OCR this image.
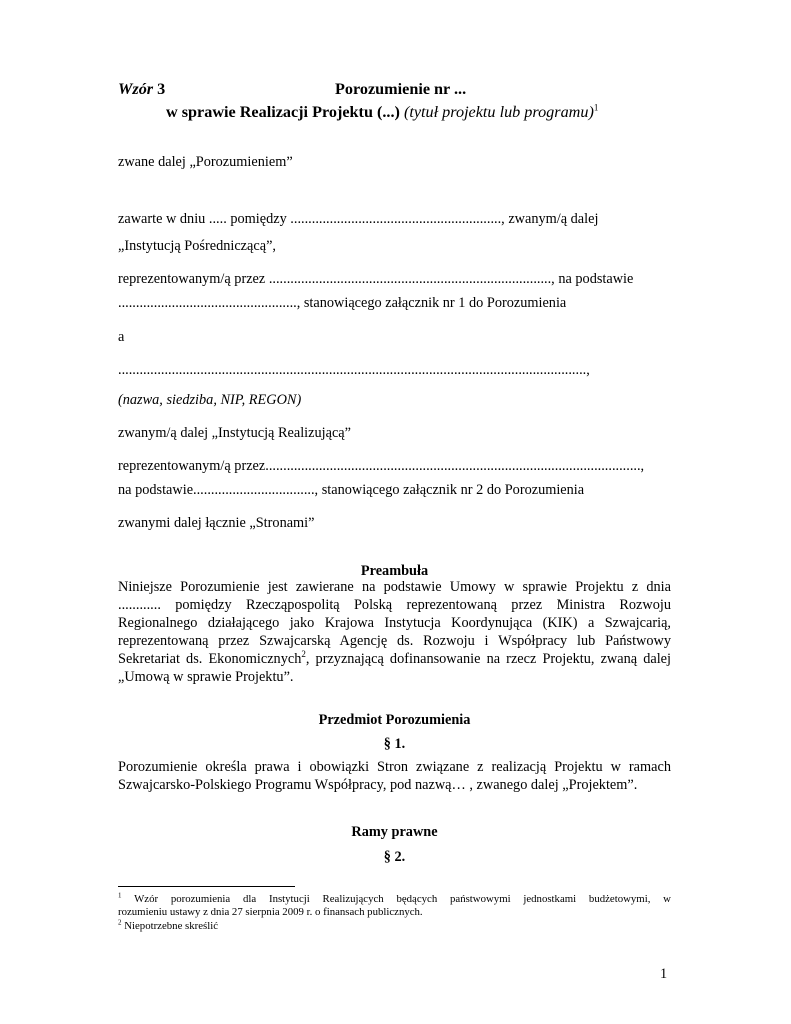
Wzór 3	Porozumienie nr ...
w sprawie Realizacji Projektu (...) (tytuł projektu lub programu)$^1$
zwane dalej „Porozumieniem”
zawarte w dniu ..... pomiędzy ..........................................................., zwanym/ą dalej
„Instytucją Pośredniczącą”,
reprezentowanym/ą przez ..............................................................................., na podstawie
.................................................., stanowiącego załącznik nr 1 do Porozumienia
a
...................................................................................................................................,
(nazwa, siedziba, NIP, REGON)
zwanym/ą dalej „Instytucją Realizującą”
reprezentowanym/ą przez.........................................................................................................,
na podstawie.................................., stanowiącego załącznik nr 2 do Porozumienia
zwanymi dalej łącznie „Stronami”
Preambuła
Niniejsze Porozumienie jest zawierane na podstawie Umowy w sprawie Projektu z dnia
............ pomiędzy Rzecząpospolitą Polską reprezentowaną przez Ministra Rozwoju
Regionalnego działającego jako Krajowa Instytucja Koordynująca (KIK) a Szwajcarią,
reprezentowaną przez Szwajcarską Agencję ds. Rozwoju i Współpracy lub Państwowy
Sekretariat ds. Ekonomicznych$^2$, przyznającą dofinansowanie na rzecz Projektu, zwaną dalej
„Umową w sprawie Projektu”.
Przedmiot Porozumienia
§ 1.
Porozumienie określa prawa i obowiązki Stron związane z realizacją Projektu w ramach
Szwajcarsko-Polskiego Programu Współpracy, pod nazwą… , zwanego dalej „Projektem”.
Ramy prawne
§ 2.
$^1$ Wzór porozumienia dla Instytucji Realizujących będących państwowymi jednostkami budżetowymi, w
rozumieniu ustawy z dnia 27 sierpnia 2009 r. o finansach publicznych.
$^2$ Niepotrzebne skreślić
1
